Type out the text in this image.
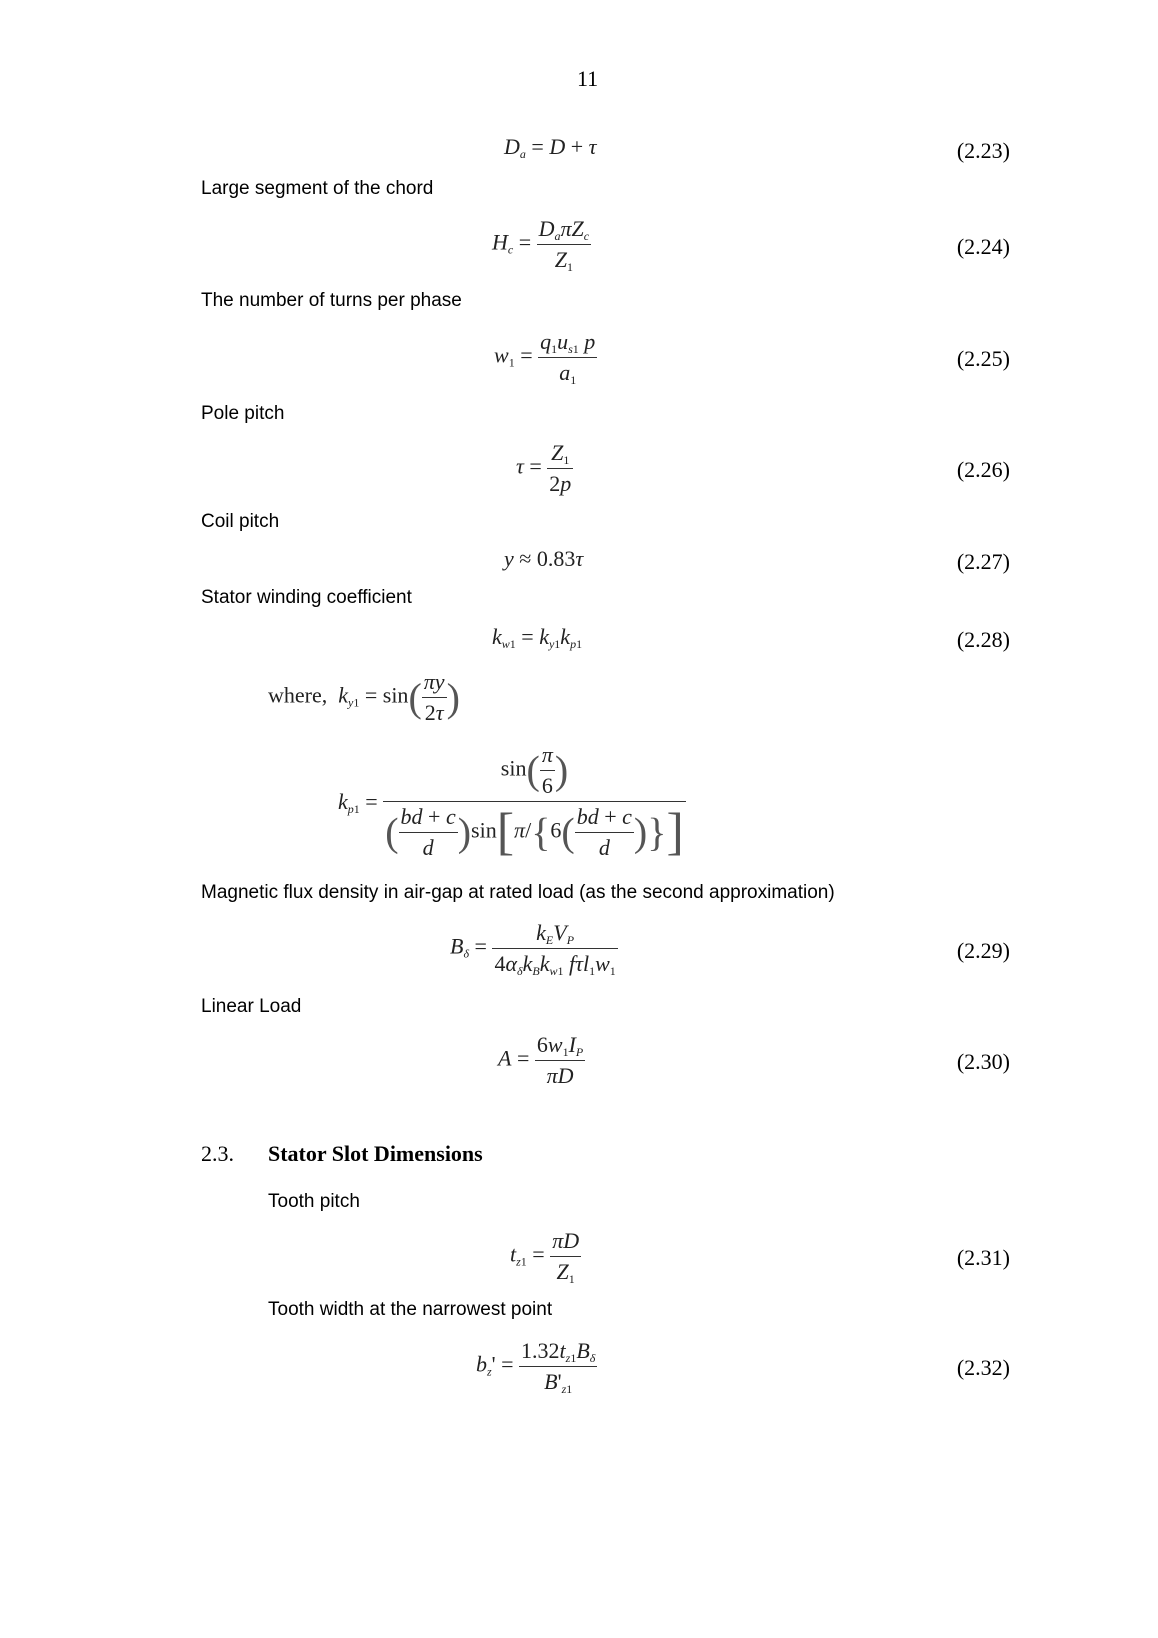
11
$D_a = D + \tau$	(2.23)
Large segment of the chord
$H_c = \frac{D_a\pi Z_c}{Z_1}$	(2.24)
The number of turns per phase
$w_1 = \frac{q_1u_{s1} p}{a_1}$	(2.25)
Pole pitch
$\tau = \frac{Z_1}{2p}$	(2.26)
Coil pitch
y ≈ 0.83τ	(2.27)
Stator winding coefficient
$k_{w1} = k_{y1}k_{p1}$	(2.28)
where, $k_{y1} = \sin( \frac{\pi y}{2\tau}$ )
$k_{p1} = \frac{\sin( \frac{\pi}{6} )}{( \frac{bd + c}{d} )\sin[\pi/\{6( \frac{bd + c}{d} )\}]}$
Magnetic flux density in air-gap at rated load (as the second approximation)
$B_\delta = \frac{k_EV_P}{4\alpha_\delta k_Bk_{w1} f\tau l_1w_1}$	(2.29)
Linear Load
$A = \frac{6w_1I_P}{\pi D}$	(2.30)
2.3. Stator Slot Dimensions
Tooth pitch
$t_{z1} = \frac{\pi D}{Z_1}$	(2.31)
Tooth width at the narrowest point
$b_z' = \frac{1.32t_{z1}B_\delta}{B'_{z1}}$	(2.32)
